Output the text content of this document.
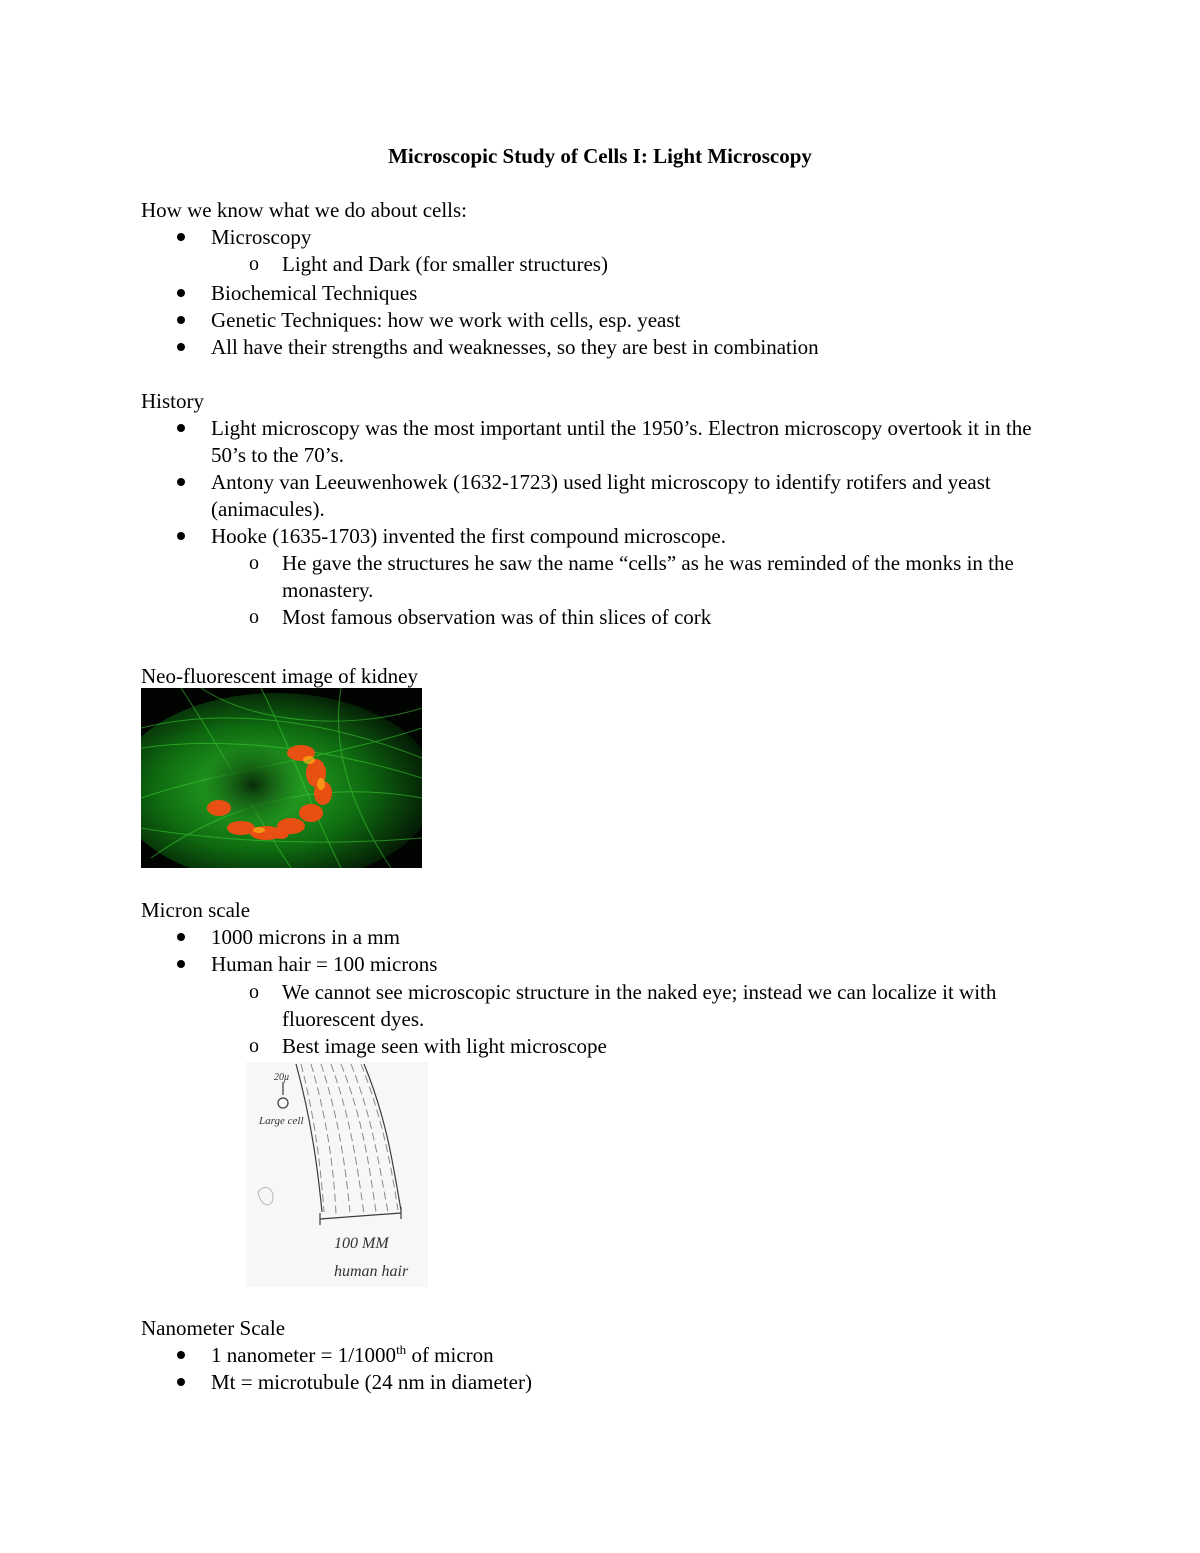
Microscopic Study of Cells I: Light Microscopy

How we know what we do about cells:

Microscopy
o Light and Dark (for smaller structures)
Biochemical Techniques
Genetic Techniques: how we work with cells, esp. yeast
All have their strengths and weaknesses, so they are best in combination

History

Light microscopy was the most important until the 1950’s. Electron microscopy overtook it in the 50’s to the 70’s.
Antony van Leeuwenhowek (1632-1723) used light microscopy to identify rotifers and yeast (animacules).
Hooke (1635-1703) invented the first compound microscope.
o He gave the structures he saw the name “cells” as he was reminded of the monks in the monastery.
o Most famous observation was of thin slices of cork

Neo-fluorescent image of kidney

Micron scale

1000 microns in a mm
Human hair = 100 microns
o We cannot see microscopic structure in the naked eye; instead we can localize it with fluorescent dyes.
o Best image seen with light microscope
20μ
Large cell
100 MM
human hair

Nanometer Scale

1 nanometer = 1/1000th of micron
Mt = microtubule (24 nm in diameter)
